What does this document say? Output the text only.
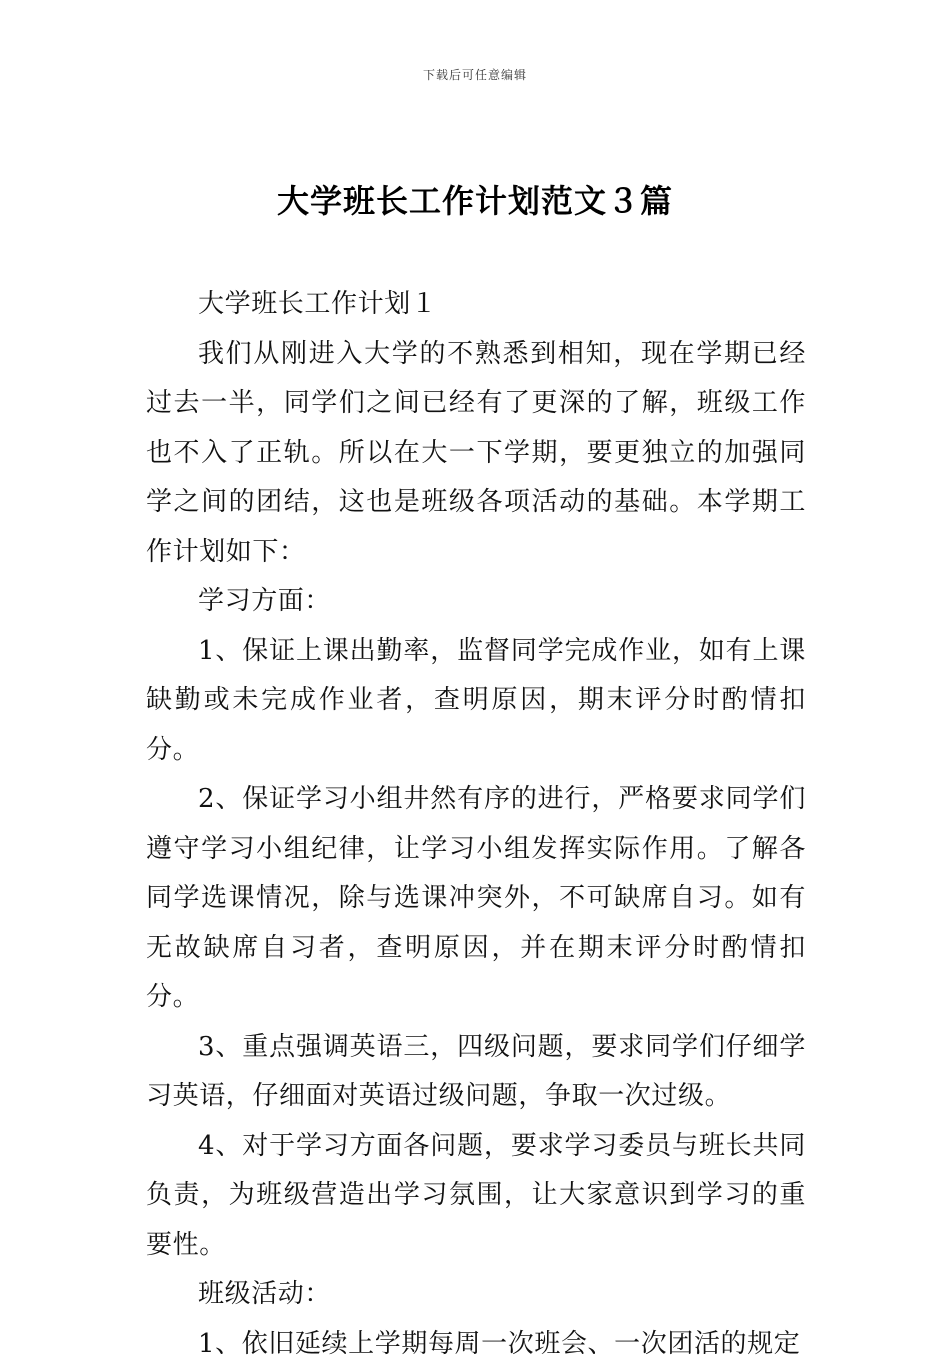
下载后可任意编辑
大学班长工作计划范文３篇

大学班长工作计划１

我们从刚进入大学的不熟悉到相知，现在学期已经过去一半，同学们之间已经有了更深的了解，班级工作也不入了正轨。所以在大一下学期，要更独立的加强同学之间的团结，这也是班级各项活动的基础。本学期工作计划如下：

学习方面：

1、保证上课出勤率，监督同学完成作业，如有上课缺勤或未完成作业者，查明原因，期末评分时酌情扣分。

2、保证学习小组井然有序的进行，严格要求同学们遵守学习小组纪律，让学习小组发挥实际作用。了解各同学选课情况，除与选课冲突外，不可缺席自习。如有无故缺席自习者，查明原因，并在期末评分时酌情扣分。

3、重点强调英语三，四级问题，要求同学们仔细学习英语，仔细面对英语过级问题，争取一次过级。

4、对于学习方面各问题，要求学习委员与班长共同负责，为班级营造出学习氛围，让大家意识到学习的重要性。

班级活动：

1、依旧延续上学期每周一次班会、一次团活的规定
